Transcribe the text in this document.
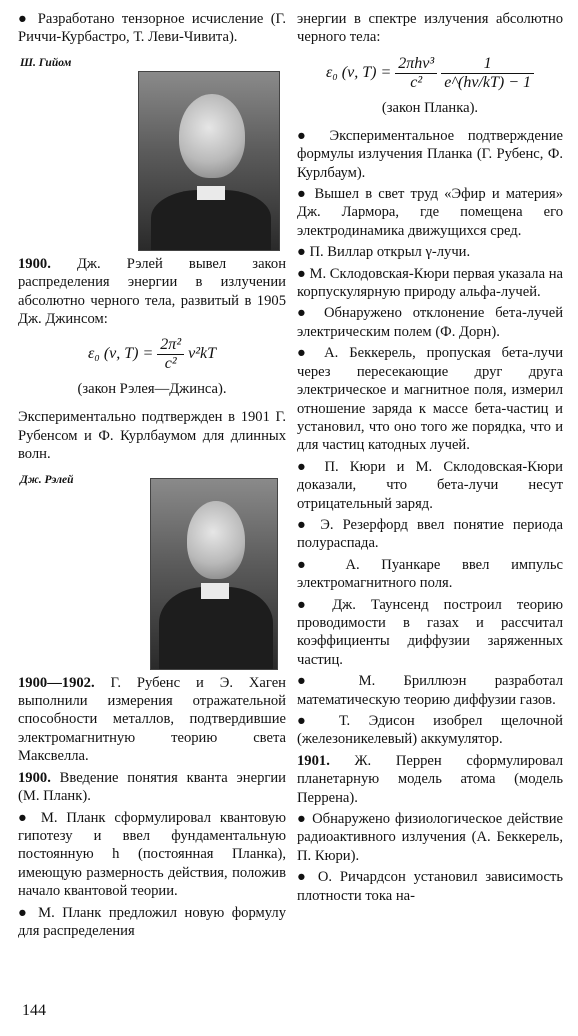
● Разработано тензорное исчисление (Г. Риччи-Курбастро, Т. Леви-Чивита).

Ш. Гийом

1900. Дж. Рэлей вывел закон распределения энергии в излучении абсолютно черного тела, развитый в 1905 Дж. Джинсом:

ε₀ (ν, $T) = \frac{\text{2π²}}{\text{c²}} \nu^2kT$
(закон Рэлея—Джинса).

Экспериментально подтвержден в 1901 Г. Рубенсом и Ф. Курлбаумом для длинных волн.

Дж. Рэлей

1900—1902. Г. Рубенс и Э. Хаген выполнили измерения отражательной способности металлов, подтвердившие электромагнитную теорию света Максвелла.

1900. Введение понятия кванта энергии (М. Планк).

● М. Планк сформулировал квантовую гипотезу и ввел фундаментальную постоянную h (постоянная Планка), имеющую размерность действия, положив начало квантовой теории.

● М. Планк предложил новую формулу для распределения

энергии в спектре излучения абсолютно черного тела:

ε₀ (ν, $T) = \frac{\text{2πhν³}}{\text{c²}}$
$\frac{1}{e\^{}(h\nu/kT) - 1}$
(закон Планка).

● Экспериментальное подтверждение формулы излучения Планка (Г. Рубенс, Ф. Курлбаум).

● Вышел в свет труд «Эфир и материя» Дж. Лармора, где помещена его электродинамика движущихся сред.

● П. Виллар открыл γ-лучи.

● М. Склодовская-Кюри первая указала на корпускулярную природу альфа-лучей.

● Обнаружено отклонение бета-лучей электрическим полем (Ф. Дорн).

● А. Беккерель, пропуская бета-лучи через пересекающие друг друга электрическое и магнитное поля, измерил отношение заряда к массе бета-частиц и установил, что оно того же порядка, что и для частиц катодных лучей.

● П. Кюри и М. Склодовская-Кюри доказали, что бета-лучи несут отрицательный заряд.

● Э. Резерфорд ввел понятие периода полураспада.

● А. Пуанкаре ввел импульс электромагнитного поля.

● Дж. Таунсенд построил теорию проводимости в газах и рассчитал коэффициенты диффузии заряженных частиц.

● М. Бриллюэн разработал математическую теорию диффузии газов.

● Т. Эдисон изобрел щелочной (железоникелевый) аккумулятор.

1901. Ж. Перрен сформулировал планетарную модель атома (модель Перрена).

● Обнаружено физиологическое действие радиоактивного излучения (А. Беккерель, П. Кюри).

● О. Ричардсон установил зависимость плотности тока на-

144
